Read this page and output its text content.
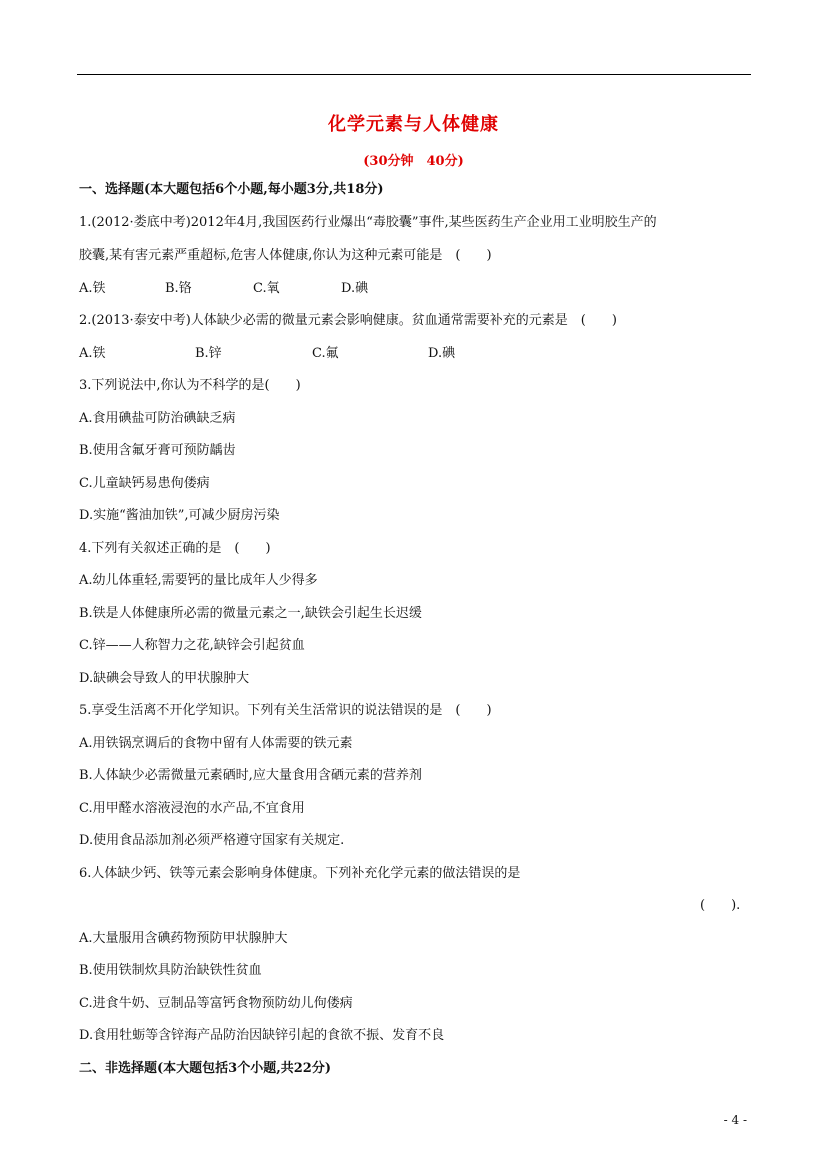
化学元素与人体健康
(30分钟　40分)
一、选择题(本大题包括6个小题,每小题3分,共18分)
1.(2012·娄底中考)2012年4月,我国医药行业爆出“毒胶囊”事件,某些医药生产企业用工业明胶生产的
胶囊,某有害元素严重超标,危害人体健康,你认为这种元素可能是　(　　)
A.铁	B.铬	C.氧	D.碘
2.(2013·泰安中考)人体缺少必需的微量元素会影响健康。贫血通常需要补充的元素是　(　　)
A.铁	B.锌	C.氟	D.碘
3.下列说法中,你认为不科学的是(　　)
A.食用碘盐可防治碘缺乏病
B.使用含氟牙膏可预防龋齿
C.儿童缺钙易患佝偻病
D.实施“酱油加铁”,可减少厨房污染
4.下列有关叙述正确的是　(　　)
A.幼儿体重轻,需要钙的量比成年人少得多
B.铁是人体健康所必需的微量元素之一,缺铁会引起生长迟缓
C.锌——人称智力之花,缺锌会引起贫血
D.缺碘会导致人的甲状腺肿大
5.享受生活离不开化学知识。下列有关生活常识的说法错误的是　(　　)
A.用铁锅烹调后的食物中留有人体需要的铁元素
B.人体缺少必需微量元素硒时,应大量食用含硒元素的营养剂
C.用甲醛水溶液浸泡的水产品,不宜食用
D.使用食品添加剂必须严格遵守国家有关规定.
6.人体缺少钙、铁等元素会影响身体健康。下列补充化学元素的做法错误的是
(　　).
A.大量服用含碘药物预防甲状腺肿大
B.使用铁制炊具防治缺铁性贫血
C.进食牛奶、豆制品等富钙食物预防幼儿佝偻病
D.食用牡蛎等含锌海产品防治因缺锌引起的食欲不振、发育不良
二、非选择题(本大题包括3个小题,共22分)
- 4 -
